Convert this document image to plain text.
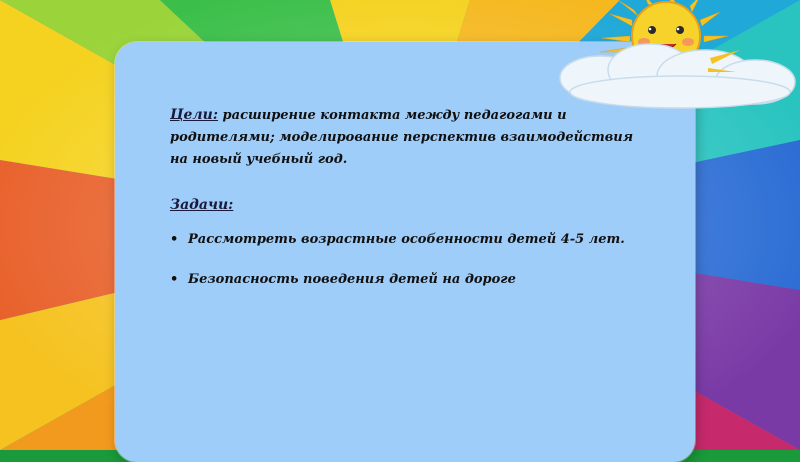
Цели: расширение контакта между педагогами и родителями; моделирование перспектив взаимодействия на новый учебный год.

Задачи:
• Рассмотреть возрастные особенности детей 4-5 лет.
• Безопасность поведения детей на дороге
